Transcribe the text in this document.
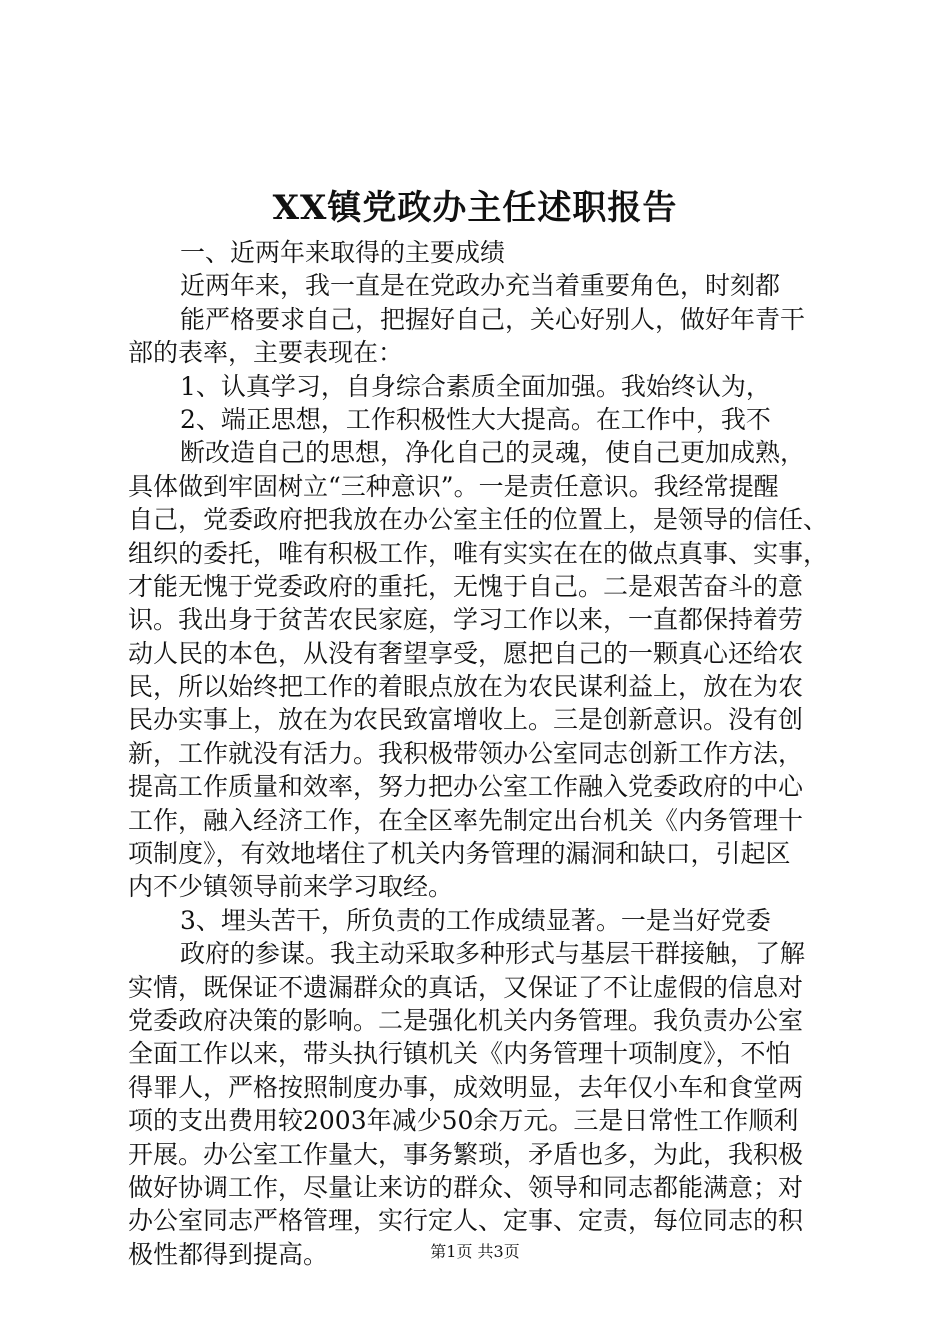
XX镇党政办主任述职报告
一、近两年来取得的主要成绩
近两年来，我一直是在党政办充当着重要角色，时刻都
能严格要求自己，把握好自己，关心好别人，做好年青干
部的表率，主要表现在：
1、认真学习，自身综合素质全面加强。我始终认为，
2、端正思想，工作积极性大大提高。在工作中，我不
断改造自己的思想，净化自己的灵魂，使自己更加成熟，
具体做到牢固树立“三种意识”。一是责任意识。我经常提醒
自己，党委政府把我放在办公室主任的位置上，是领导的信任、
组织的委托，唯有积极工作，唯有实实在在的做点真事、实事，
才能无愧于党委政府的重托，无愧于自己。二是艰苦奋斗的意
识。我出身于贫苦农民家庭，学习工作以来，一直都保持着劳
动人民的本色，从没有奢望享受，愿把自己的一颗真心还给农
民，所以始终把工作的着眼点放在为农民谋利益上，放在为农
民办实事上，放在为农民致富增收上。三是创新意识。没有创
新，工作就没有活力。我积极带领办公室同志创新工作方法，
提高工作质量和效率，努力把办公室工作融入党委政府的中心
工作，融入经济工作，在全区率先制定出台机关《内务管理十
项制度》，有效地堵住了机关内务管理的漏洞和缺口，引起区
内不少镇领导前来学习取经。
3、埋头苦干，所负责的工作成绩显著。一是当好党委
政府的参谋。我主动采取多种形式与基层干群接触，了解
实情，既保证不遗漏群众的真话，又保证了不让虚假的信息对
党委政府决策的影响。二是强化机关内务管理。我负责办公室
全面工作以来，带头执行镇机关《内务管理十项制度》，不怕
得罪人，严格按照制度办事，成效明显，去年仅小车和食堂两
项的支出费用较2003年减少50余万元。三是日常性工作顺利
开展。办公室工作量大，事务繁琐，矛盾也多，为此，我积极
做好协调工作，尽量让来访的群众、领导和同志都能满意；对
办公室同志严格管理，实行定人、定事、定责，每位同志的积
极性都得到提高。	第1页 共3页
